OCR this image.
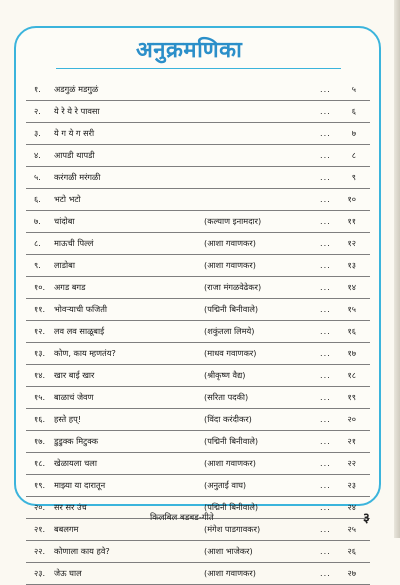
अनुक्रमणिका
१. अडगुळं मडगुळं	...	५
२. ये रे ये रे पावसा	...	६
३. ये ग ये ग सरी	...	७
४. आपडी थापडी	...	८
५. करंगळी मरंगळी	...	९
६. भटो भटो	... १०
७. चांदोबा	(कल्याण इनामदार)	... ११
८. माऊची पिल्लं	(आशा गवाणकर)	... १२
९. लाडोबा	(आशा गवाणकर)	... १३
१०. अगड बगड	(राजा मंगळवेढेकर)	... १४
११. भोवऱ्याची फजिती	(पद्मिनी बिनीवाले)	... १५
१२. लव लव साळूबाई	(शकुंतला लिमये)	... १६
१३. कोण, काय म्हणतंय?	(माधव गवाणकर)	... १७
१४. खार बाई खार	(श्रीकृष्ण वैद्य)	... १८
१५. बाळाचं जेवण	(सरिता पदकी)	... १९
१६. हस्ते हप्!	(विंदा करंदीकर)	... २०
१७. डुडुक्क मिटुक्क	(पद्मिनी बिनीवाले)	... २१
१८. खेळायला चला	(आशा गवाणकर)	... २२
१९. माझ्या या दारातून	(अनुताई वाघ)	... २३
२०. सर सर उंच	(पद्मिनी बिनीवाले)	... २४
२१. बबलगम	(मंगेश पाडगावकर)	... २५
२२. कोणाला काय हवे?	(आशा भाजेकर)	... २६
२३. जेऊ घाल	(आशा गवाणकर)	... २७
किलबिल बडबड-गीते	३
